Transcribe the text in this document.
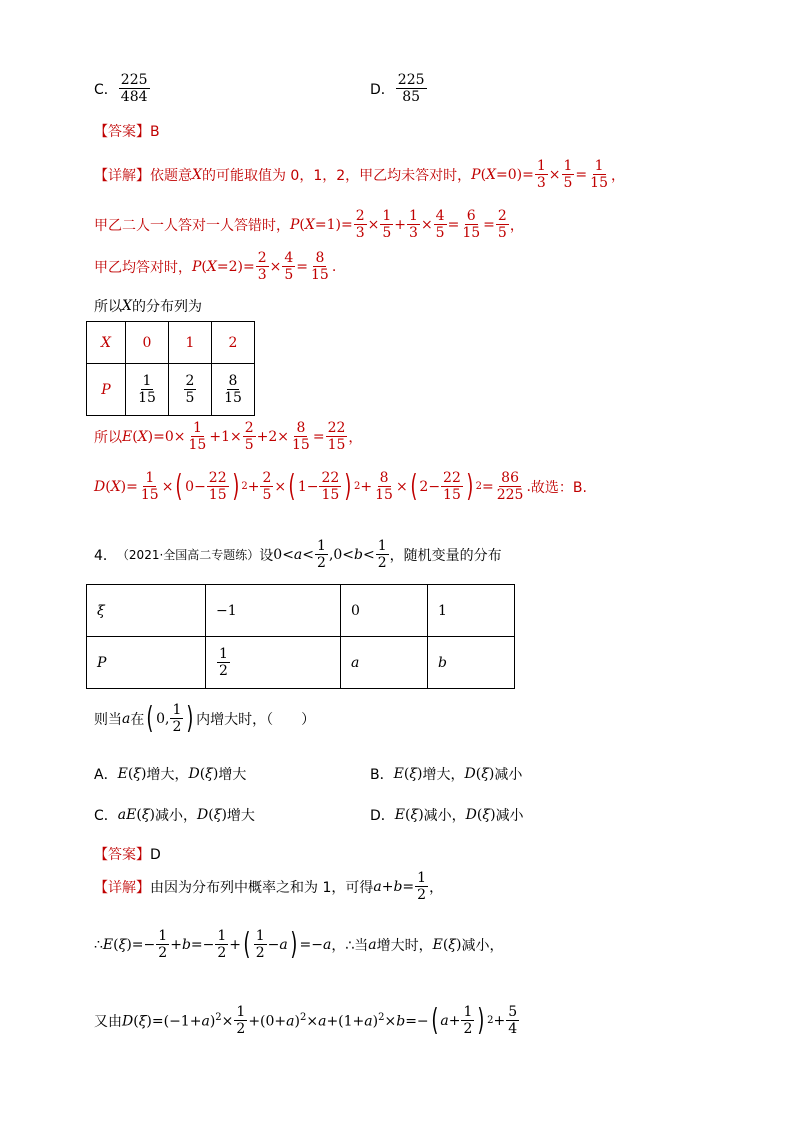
C． $\frac{225}{484}$	D． $\frac{225}{85}$
【答案】B
【详解】 依题意 X 的可能取值为 0，1，2，甲乙均未答对时， $P(X=0)= \frac{1}{3} \times \frac{1}{5} = \frac{1}{15}$ ，
甲乙二人一人答对一人答错时， $P(X=1)= \frac{2}{3} \times \frac{1}{5} + \frac{1}{3} \times \frac{4}{5} = \frac{6}{15} = \frac{2}{5}$ ，
甲乙均答对时， $P(X=2)= \frac{2}{3} \times \frac{4}{5} = \frac{8}{15}$ .
所以 X 的分布列为
X	0	1	2
P	$\frac{1}{15}$	$\frac{2}{5}$	$\frac{8}{15}$
所以 $E(X)=0\times \frac{1}{15} +1\times \frac{2}{5} +2\times \frac{8}{15} = \frac{22}{15}$ ，
$D(X)= \frac{1}{15}$ × ( $0- \frac{22}{15}$ ) $2 + \frac{2}{5}$ × ( $1- \frac{22}{15}$ ) $2 + \frac{8}{15}$ × ( $2- \frac{22}{15}$ ) $2 = \frac{86}{225}$ . 故选：B.
4． （2021·全国高二专题练） 设 $0<a< \frac{1}{2} ,0<b< \frac{1}{2}$ ，随机变量的分布
ξ	−1	0	1
P	$\frac{1}{2}$	a	b
则当 a 在 ( 0, $\frac{1}{2}$ ) 内增大时，（　　）
A． E(ξ) 增大， D(ξ) 增大	B． E(ξ) 增大， D(ξ) 减小
C． aE(ξ) 减小， D(ξ) 增大	D． E(ξ) 减小， D(ξ) 减小
【答案】D
【详解】 由因为分布列中概率之和为 1，可得 $a+b= \frac{1}{2}$ ，
∴E(ξ)=− $\frac{1}{2} +b=- \frac{1}{2}$ + ( $\frac{1}{2} - a$ ) =−a ，∴当 a 增大时， E(ξ) 减小，
又由 $D(\xi)=(-1+a)^2\times \frac{1}{2} +(0+a)^2\times a+(1+a)^2\times b=-$ ( $a + \frac{1}{2}$ ) $2 + \frac{5}{4}$
